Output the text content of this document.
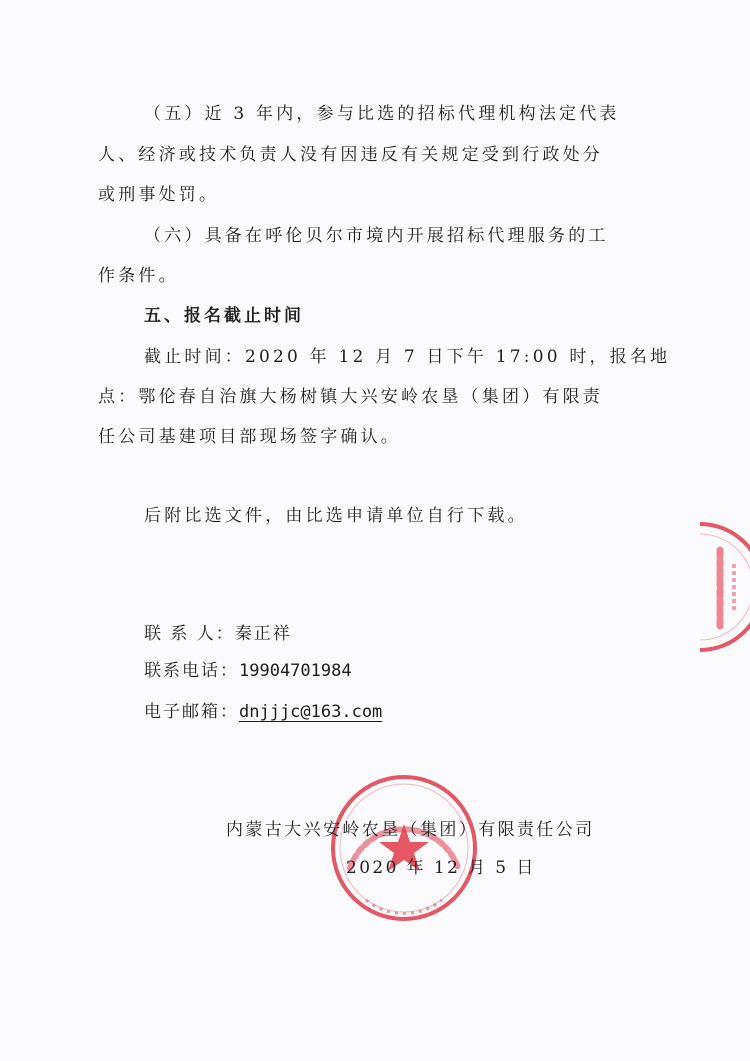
（五）近 3 年内，参与比选的招标代理机构法定代表
人、经济或技术负责人没有因违反有关规定受到行政处分
或刑事处罚。
（六）具备在呼伦贝尔市境内开展招标代理服务的工
作条件。
五、报名截止时间
截止时间：2020 年 12 月 7 日下午 17:00 时，报名地
点：鄂伦春自治旗大杨树镇大兴安岭农垦（集团）有限责
任公司基建项目部现场签字确认。
后附比选文件，由比选申请单位自行下载。
联 系 人：秦正祥
联系电话：19904701984
电子邮箱：dnjjjc@163.com
内蒙古大兴安岭农垦（集团）有限责任公司
2020 年 12 月 5 日
